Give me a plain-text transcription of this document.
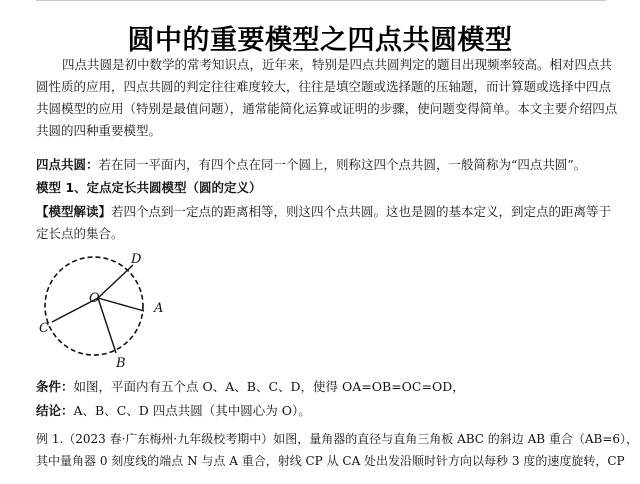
圆中的重要模型之四点共圆模型
四点共圆是初中数学的常考知识点，近年来，特别是四点共圆判定的题目出现频率较高。相对四点共
圆性质的应用，四点共圆的判定往往难度较大，往往是填空题或选择题的压轴题，而计算题或选择中四点
共圆模型的应用（特别是最值问题），通常能简化运算或证明的步骤，使问题变得简单。本文主要介绍四点
共圆的四种重要模型。
四点共圆：若在同一平面内，有四个点在同一个圆上，则称这四个点共圆，一般简称为“四点共圆”。
模型 1、定点定长共圆模型（圆的定义）
【模型解读】若四个点到一定点的距离相等，则这四个点共圆。这也是圆的基本定义，到定点的距离等于
定长点的集合。
D
O
A
C
B
条件：如图，平面内有五个点 O、A、B、C、D，使得 OA=OB=OC=OD，
结论：A、B、C、D 四点共圆（其中圆心为 O）。
例 1.（2023 春·广东梅州·九年级校考期中）如图，量角器的直径与直角三角板 ABC 的斜边 AB 重合（AB=6），
其中量角器 0 刻度线的端点 N 与点 A 重合，射线 CP 从 CA 处出发沿顺时针方向以每秒 3 度的速度旋转，CP
